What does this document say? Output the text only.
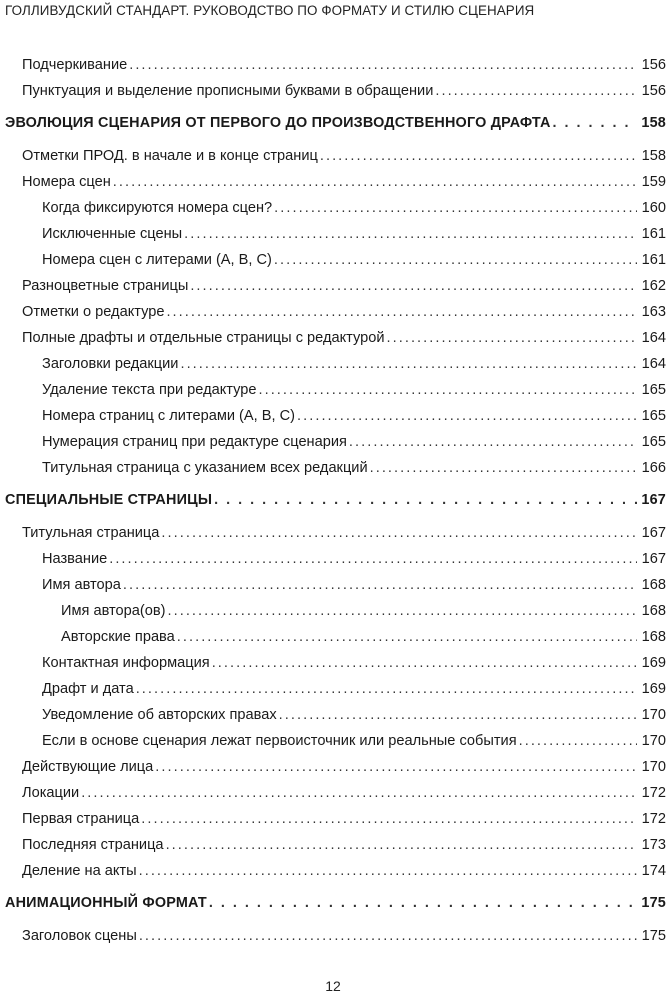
ГОЛЛИВУДСКИЙ СТАНДАРТ. РУКОВОДСТВО ПО ФОРМАТУ И СТИЛЮ СЦЕНАРИЯ
Подчеркивание . . .	156
Пунктуация и выделение прописными буквами в обращении . . .	156
ЭВОЛЮЦИЯ СЦЕНАРИЯ ОТ ПЕРВОГО ДО ПРОИЗВОДСТВЕННОГО ДРАФТА . . .	158
Отметки ПРОД. в начале и в конце страниц . . .	158
Номера сцен . . .	159
Когда фиксируются номера сцен? . . .	160
Исключенные сцены . . .	161
Номера сцен с литерами (A, B, C) . . .	161
Разноцветные страницы . . .	162
Отметки о редактуре . . .	163
Полные драфты и отдельные страницы с редактурой . . .	164
Заголовки редакции . . .	164
Удаление текста при редактуре . . .	165
Номера страниц с литерами (A, B, C) . . .	165
Нумерация страниц при редактуре сценария . . .	165
Титульная страница с указанием всех редакций . . .	166
СПЕЦИАЛЬНЫЕ СТРАНИЦЫ . . .	167
Титульная страница . . .	167
Название . . .	167
Имя автора . . .	168
Имя автора(ов) . . .	168
Авторские права . . .	168
Контактная информация . . .	169
Драфт и дата . . .	169
Уведомление об авторских правах . . .	170
Если в основе сценария лежат первоисточник или реальные события . . .	170
Действующие лица . . .	170
Локации . . .	172
Первая страница . . .	172
Последняя страница . . .	173
Деление на акты . . .	174
АНИМАЦИОННЫЙ ФОРМАТ . . .	175
Заголовок сцены . . .	175
12
